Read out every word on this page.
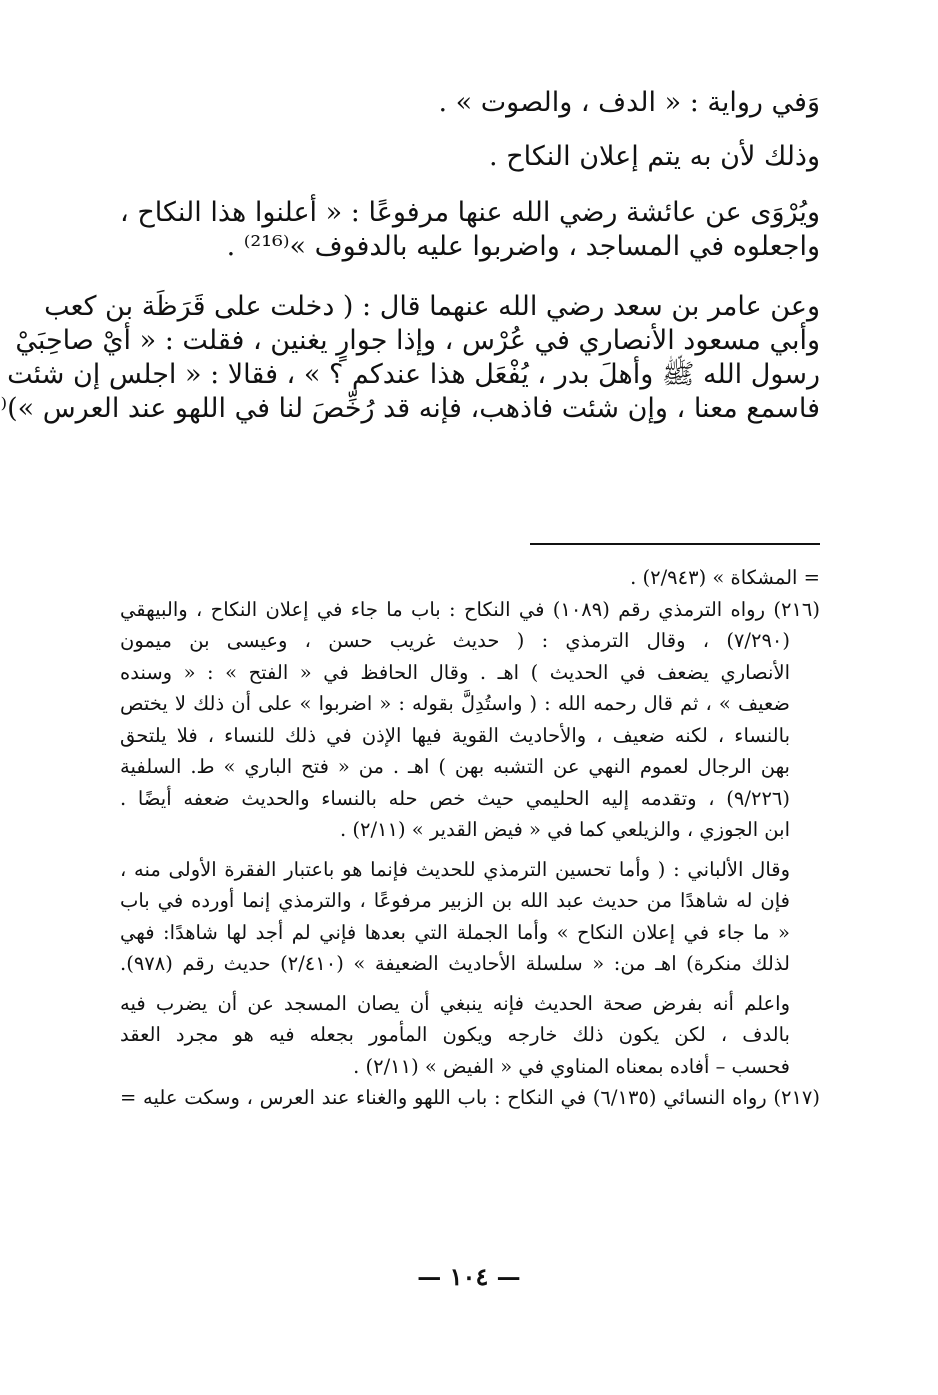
وَفي رواية : « الدف ، والصوت » .
وذلك لأن به يتم إعلان النكاح .
ويُرْوَى عن عائشة رضي الله عنها مرفوعًا : « أعلنوا هذا النكاح ،
واجعلوه في المساجد ، واضربوا عليه بالدفوف »⁽²¹⁶⁾ .
وعن عامر بن سعد رضي الله عنهما قال : ( دخلت على قَرَظَة بن كعب
وأبي مسعود الأنصاري في عُرْس ، وإذا جوارٍ يغنين ، فقلت : « أيْ صاحِبَيْ
رسول الله ﷺ وأهلَ بدر ، يُفْعَل هذا عندكم ؟ » ، فقالا : « اجلس إن شئت
فاسمع معنا ، وإن شئت فاذهب، فإنه قد رُخِّصَ لنا في اللهو عند العرس »)⁽
= المشكاة » (٢/٩٤٣) .
(٢١٦) رواه الترمذي رقم (١٠٨٩) في النكاح : باب ما جاء في إعلان النكاح ، والبيهقي
(٧/٢٩٠) ، وقال الترمذي : ( حديث غريب حسن ، وعيسى بن ميمون
الأنصاري يضعف في الحديث ) اهـ . وقال الحافظ في « الفتح » : « وسنده
ضعيف » ، ثم قال رحمه الله : ( واستُدِلَّ بقوله : « اضربوا » على أن ذلك لا يختص
بالنساء ، لكنه ضعيف ، والأحاديث القوية فيها الإذن في ذلك للنساء ، فلا يلتحق
بهن الرجال لعموم النهي عن التشبه بهن ) اهـ . من « فتح الباري » ط. السلفية
(٩/٢٢٦) ، وتقدمه إليه الحليمي حيث خص حله بالنساء والحديث ضعفه أيضًا .
ابن الجوزي ، والزيلعي كما في « فيض القدير » (٢/١١) .
وقال الألباني : ( وأما تحسين الترمذي للحديث فإنما هو باعتبار الفقرة الأولى منه ،
فإن له شاهدًا من حديث عبد الله بن الزبير مرفوعًا ، والترمذي إنما أورده في باب
« ما جاء في إعلان النكاح » وأما الجملة التي بعدها فإني لم أجد لها شاهدًا: فهي
لذلك منكرة) اهـ من: « سلسلة الأحاديث الضعيفة » (٢/٤١٠) حديث رقم (٩٧٨).
واعلم أنه بفرض صحة الحديث فإنه ينبغي أن يصان المسجد عن أن يضرب فيه
بالدف ، لكن يكون ذلك خارجه ويكون المأمور بجعله فيه هو مجرد العقد
فحسب – أفاده بمعناه المناوي في « الفيض » (٢/١١) .
(٢١٧) رواه النسائي (٦/١٣٥) في النكاح : باب اللهو والغناء عند العرس ، وسكت عليه =
— ١٠٤ —
